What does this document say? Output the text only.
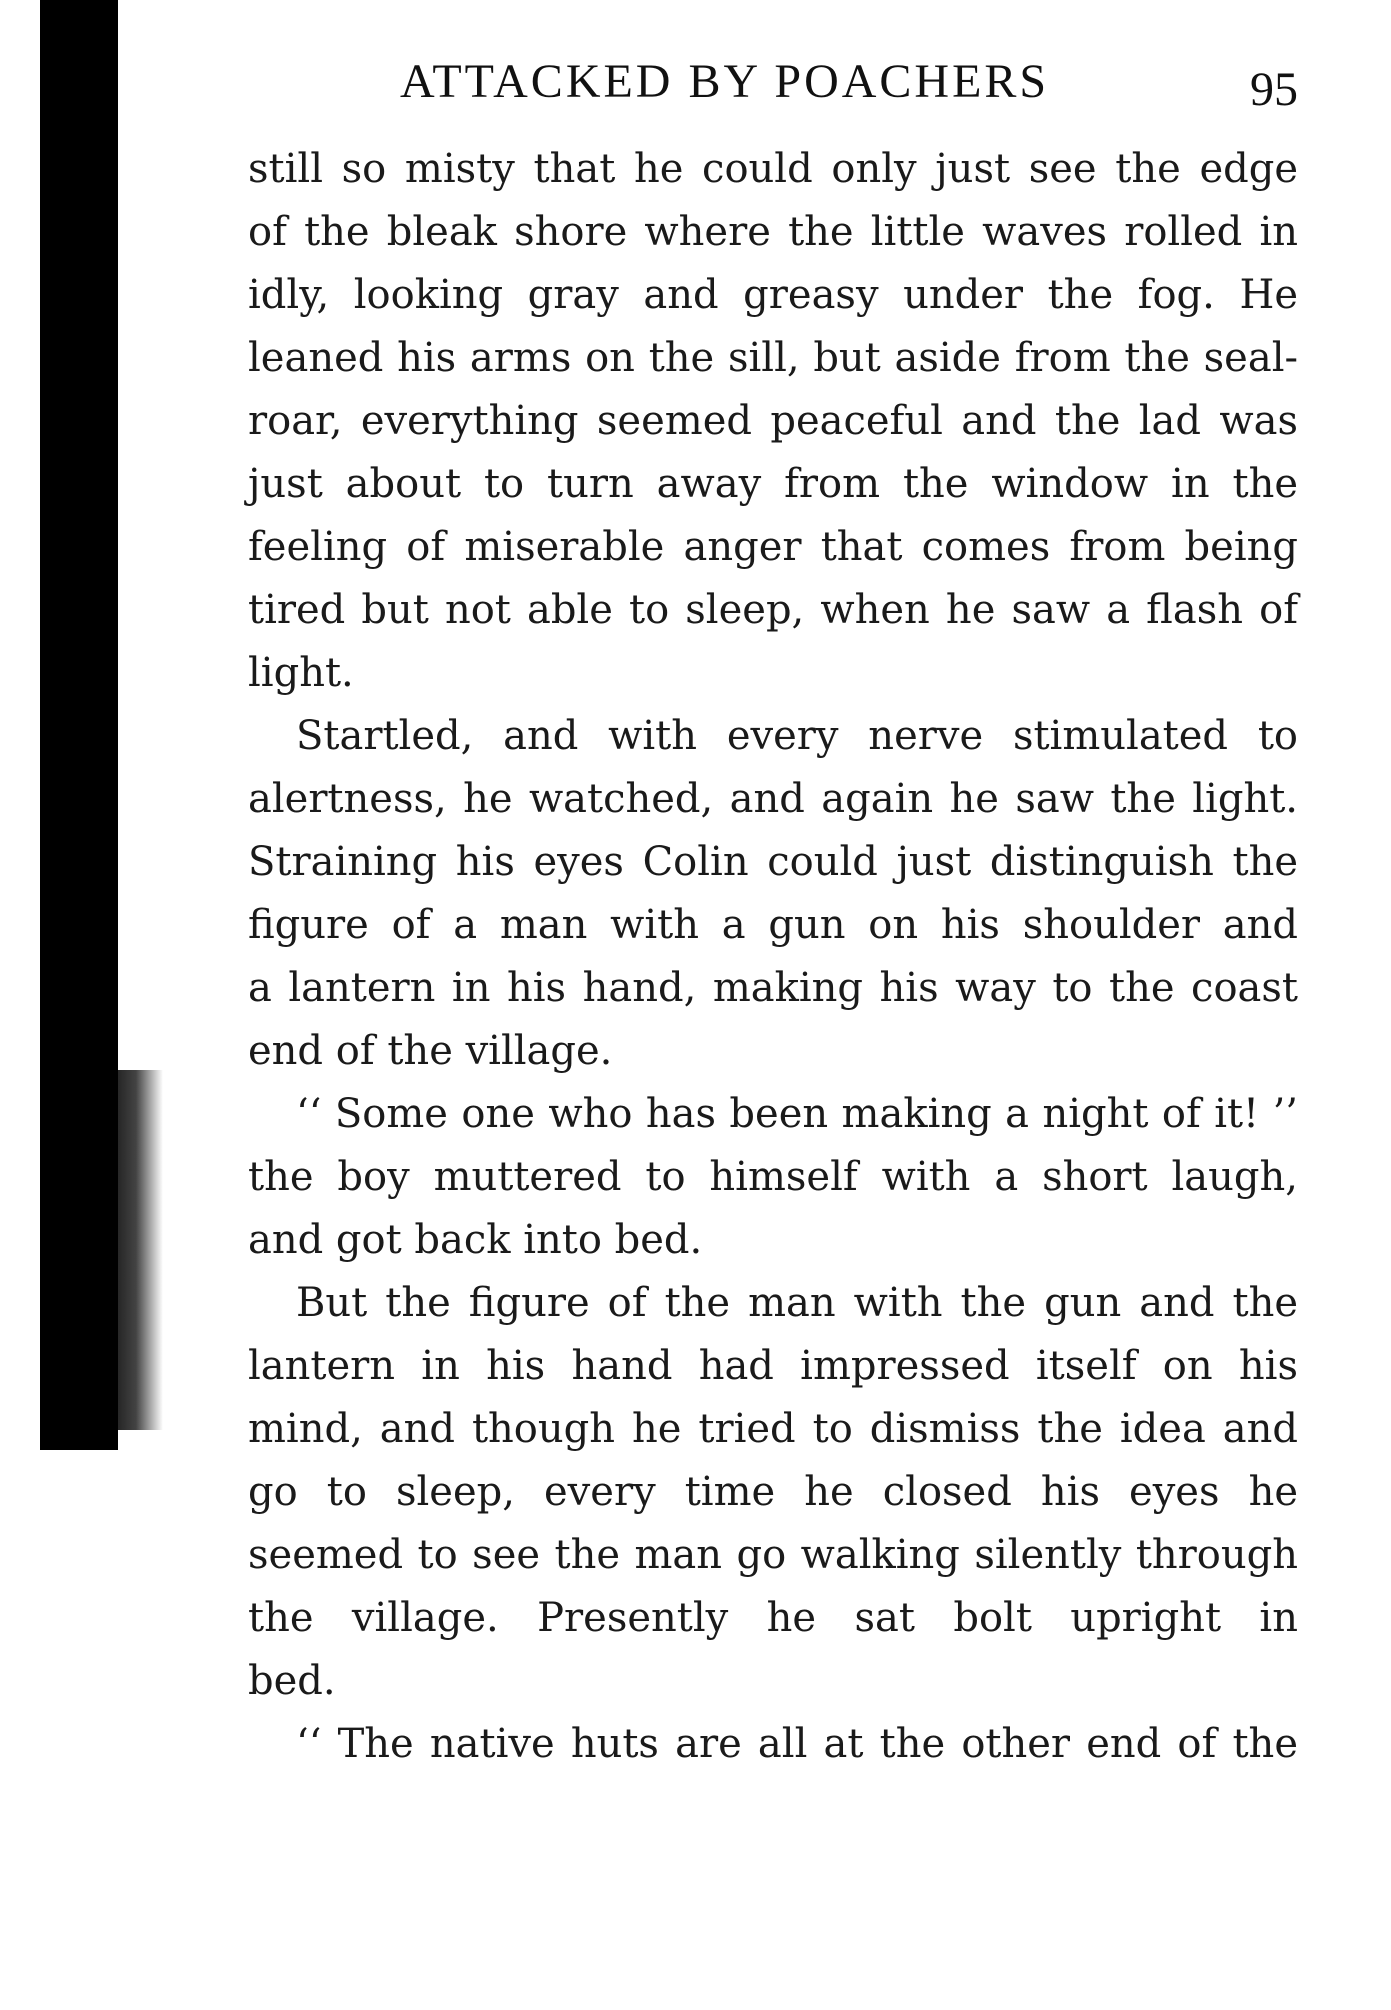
ATTACKED BY POACHERS	95
still so misty that he could only just see the edge
of the bleak shore where the little waves rolled in
idly, looking gray and greasy under the fog. He
leaned his arms on the sill, but aside from the seal-
roar, everything seemed peaceful and the lad was
just about to turn away from the window in the
feeling of miserable anger that comes from being
tired but not able to sleep, when he saw a flash of
light.
Startled, and with every nerve stimulated to
alertness, he watched, and again he saw the light.
Straining his eyes Colin could just distinguish the
figure of a man with a gun on his shoulder and
a lantern in his hand, making his way to the coast
end of the village.
‘‘ Some one who has been making a night of it! ’’
the boy muttered to himself with a short laugh,
and got back into bed.
But the figure of the man with the gun and the
lantern in his hand had impressed itself on his
mind, and though he tried to dismiss the idea and
go to sleep, every time he closed his eyes he
seemed to see the man go walking silently through
the village. Presently he sat bolt upright in
bed.
‘‘ The native huts are all at the other end of the
